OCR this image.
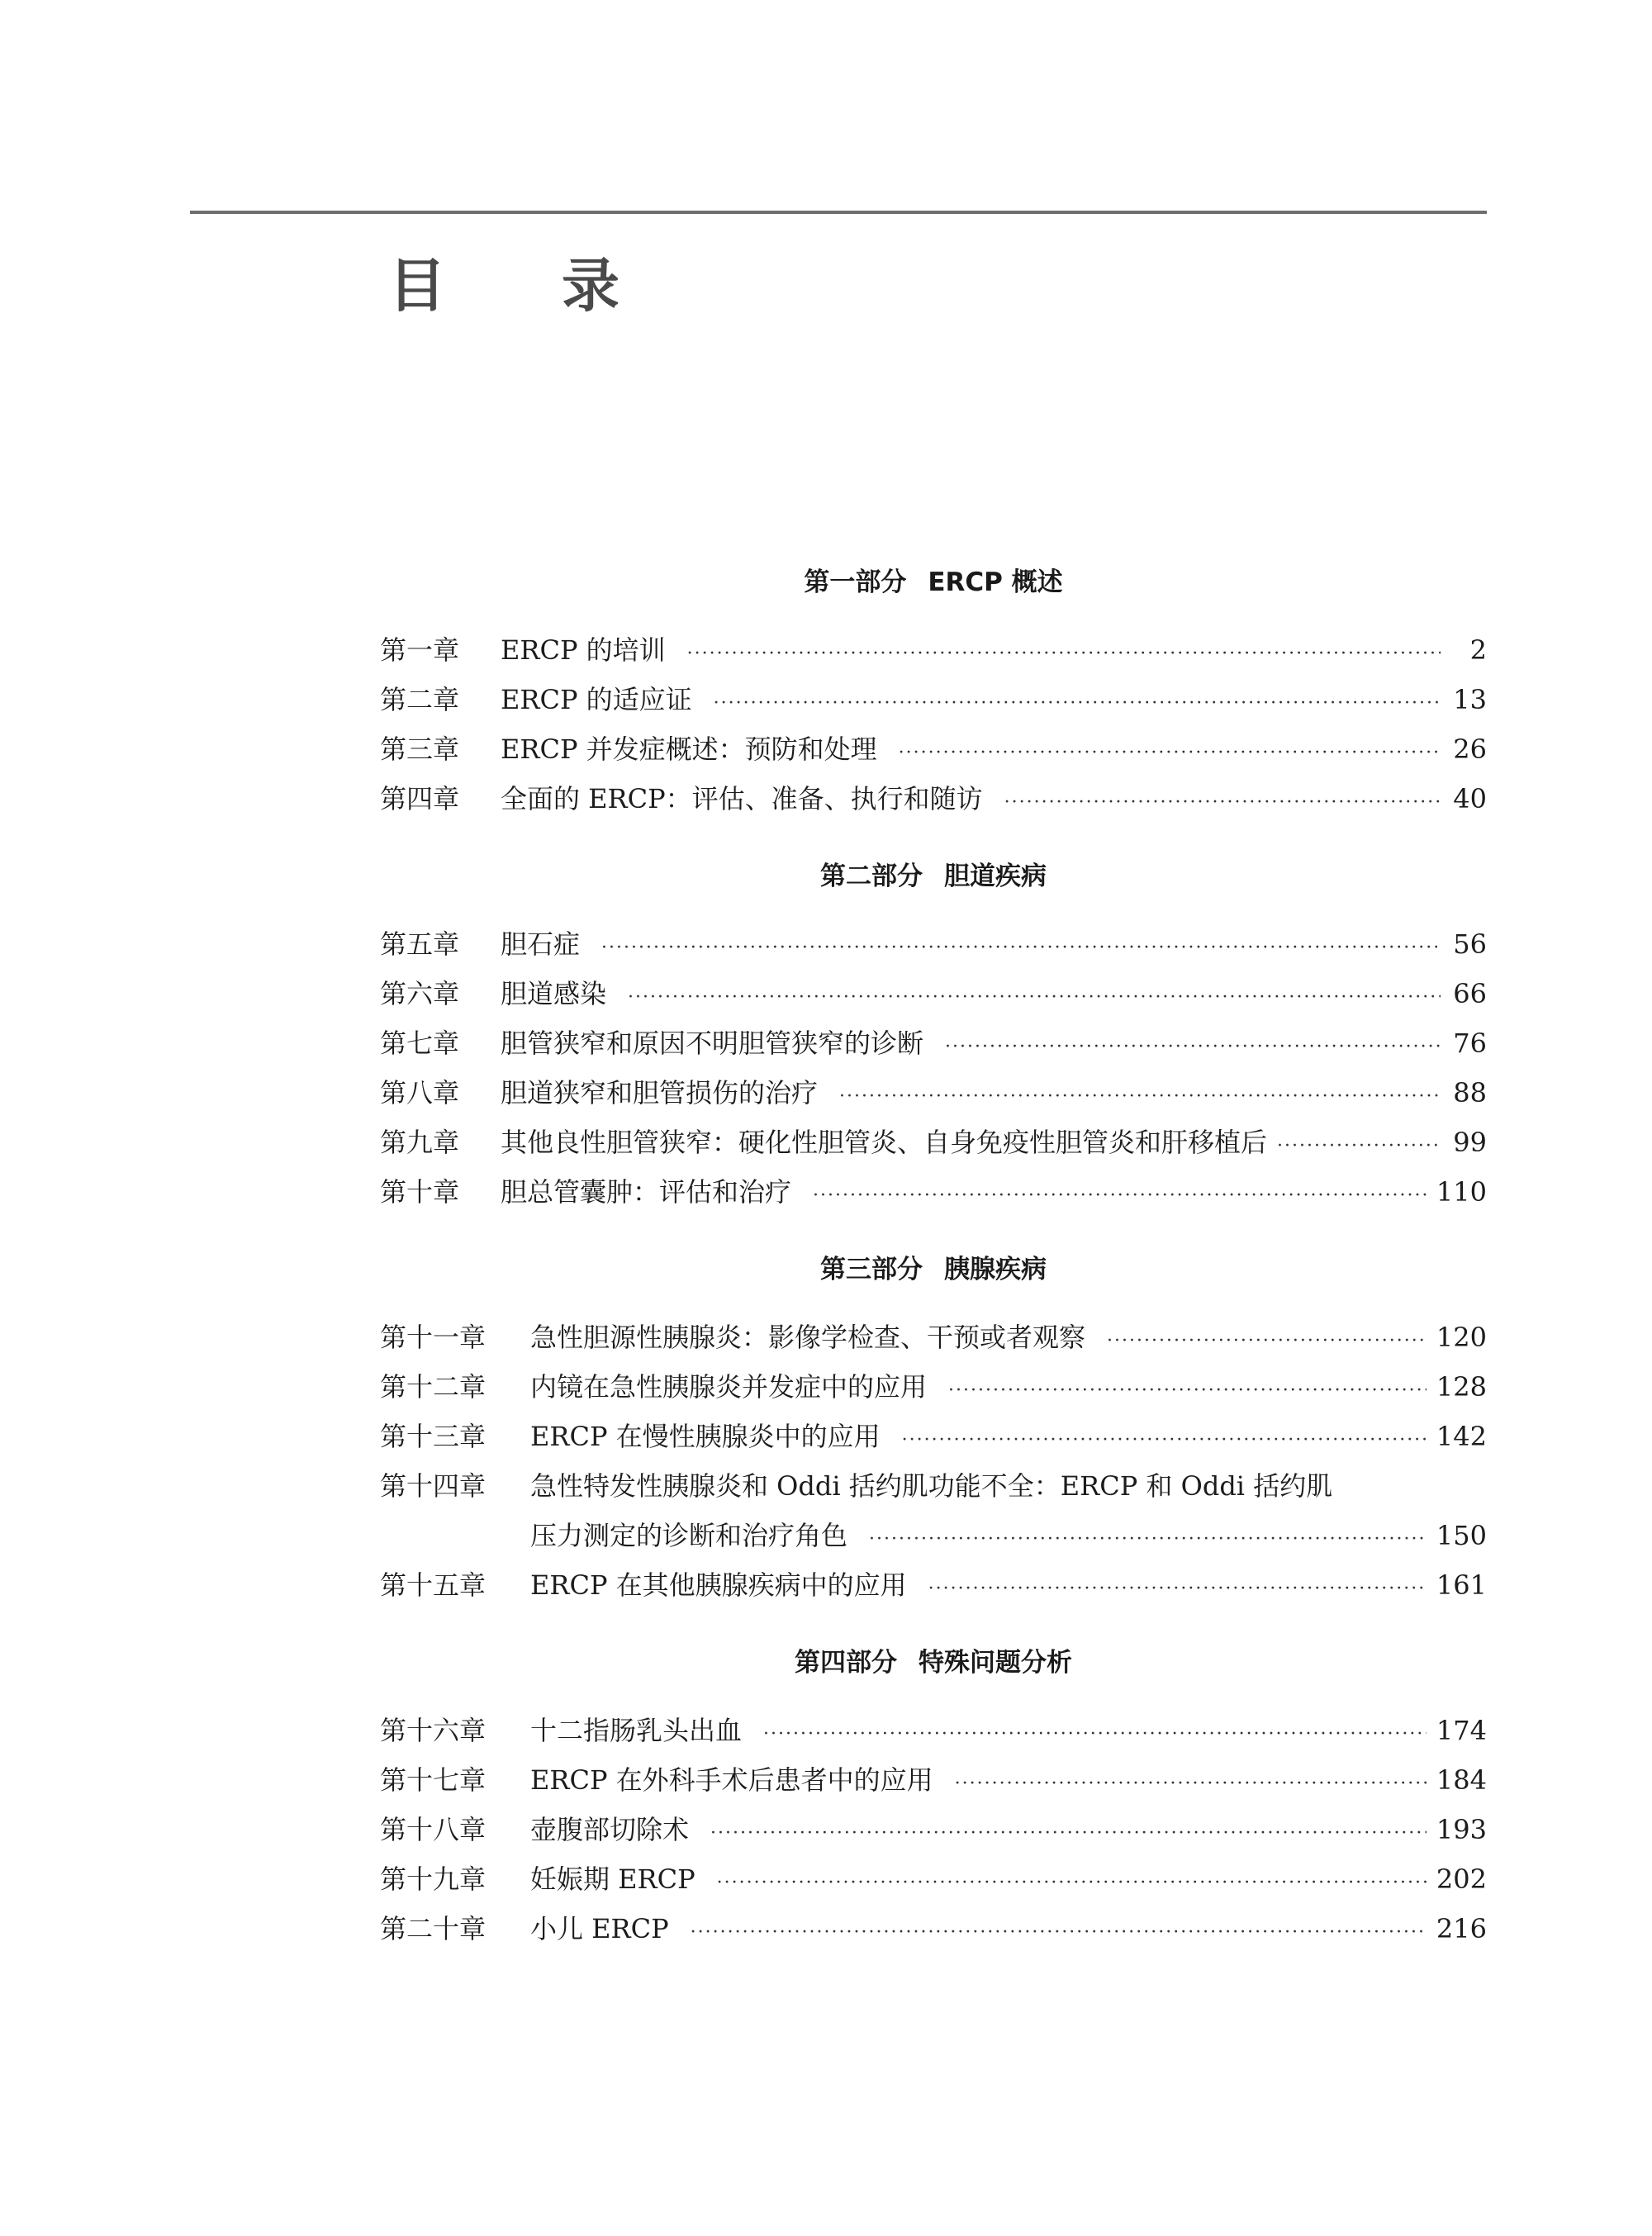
目 录
第一部分 ERCP 概述
第一章	ERCP 的培训 ·····	2
第二章	ERCP 的适应证 ·····	13
第三章	ERCP 并发症概述：预防和处理 ·····	26
第四章	全面的 ERCP：评估、准备、执行和随访 ·····	40
第二部分 胆道疾病
第五章	胆石症 ·····	56
第六章	胆道感染 ·····	66
第七章	胆管狭窄和原因不明胆管狭窄的诊断 ·····	76
第八章	胆道狭窄和胆管损伤的治疗 ·····	88
第九章	其他良性胆管狭窄：硬化性胆管炎、自身免疫性胆管炎和肝移植后 ·····	99
第十章	胆总管囊肿：评估和治疗 ·····	110
第三部分 胰腺疾病
第十一章	急性胆源性胰腺炎：影像学检查、干预或者观察 ·····	120
第十二章	内镜在急性胰腺炎并发症中的应用 ·····	128
第十三章	ERCP 在慢性胰腺炎中的应用 ·····	142
第十四章	急性特发性胰腺炎和 Oddi 括约肌功能不全：ERCP 和 Oddi 括约肌
压力测定的诊断和治疗角色 ·····	150
第十五章	ERCP 在其他胰腺疾病中的应用 ·····	161
第四部分 特殊问题分析
第十六章	十二指肠乳头出血 ·····	174
第十七章	ERCP 在外科手术后患者中的应用 ·····	184
第十八章	壶腹部切除术 ·····	193
第十九章	妊娠期 ERCP ·····	202
第二十章	小儿 ERCP ·····	216
